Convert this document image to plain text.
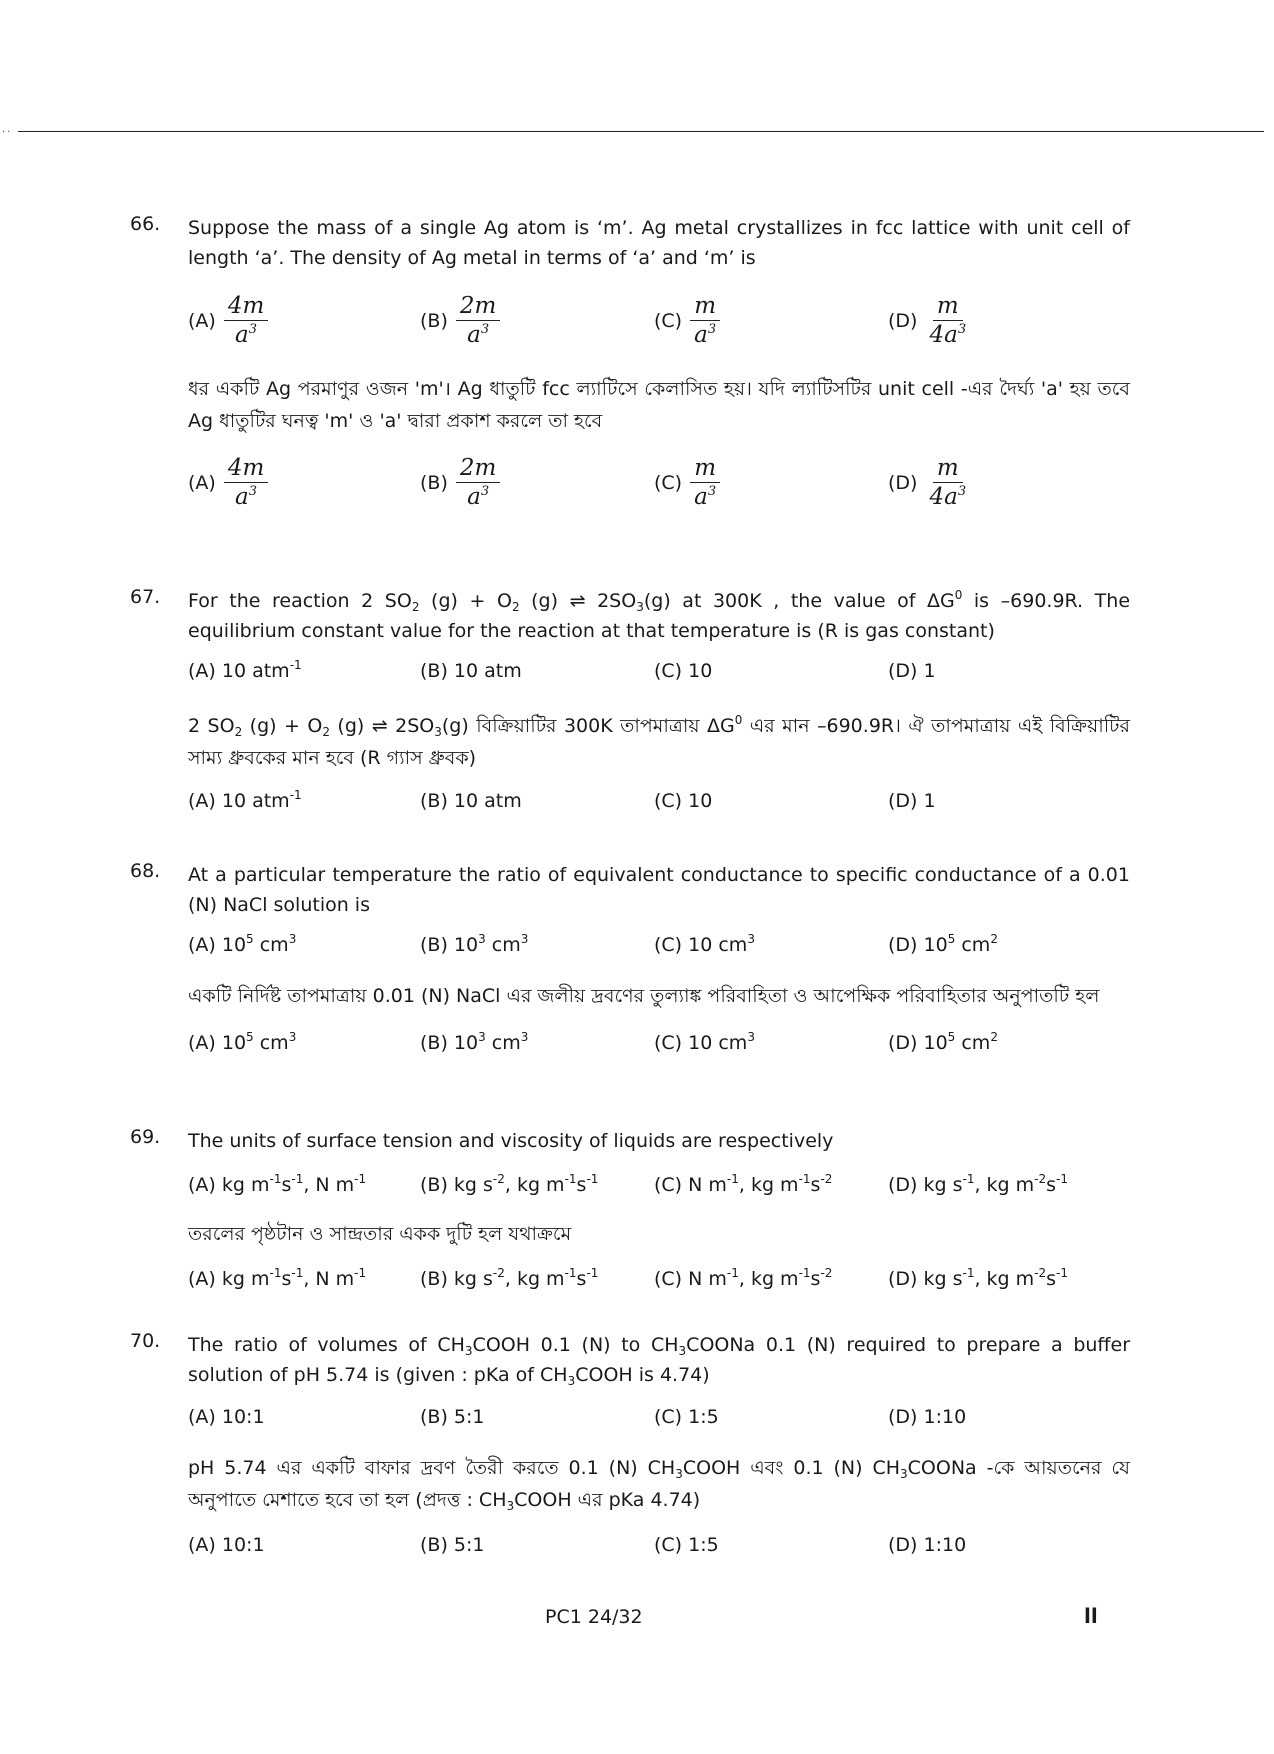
..
66.	Suppose the mass of a single Ag atom is ‘m’. Ag metal crystallizes in fcc lattice with unit cell of length ‘a’. The density of Ag metal in terms of ‘a’ and ‘m’ is
$(A) \frac{4m}{a^3}$	$(B) \frac{2m}{a^3}$	$(C) \frac{m}{a^3}$	$(D) \frac{m}{4a^3}$
ধর একটি Ag পরমাণুর ওজন 'm'। Ag ধাতুটি fcc ল্যাটিসে কেলাসিত হয়। যদি ল্যাটিসটির unit cell -এর দৈর্ঘ্য 'a' হয় তবে Ag ধাতুটির ঘনত্ব 'm' ও 'a' দ্বারা প্রকাশ করলে তা হবে
$(A) \frac{4m}{a^3}$	$(B) \frac{2m}{a^3}$	$(C) \frac{m}{a^3}$	$(D) \frac{m}{4a^3}$
67.	For the reaction 2 $SO_2$ $(g) + O_2$ (g) ⇌ $2SO_3(g)$ at 300K , the value of $\Delta G^0$ is –690.9R. The equilibrium constant value for the reaction at that temperature is (R is gas constant)
(A) 10 atm$^{-1}$	(B) 10 atm	(C) 10	(D) 1
2 $SO_2$ $(g) + O_2$ (g) ⇌ $2SO_3(g)$ বিক্রিয়াটির 300K তাপমাত্রায় $\Delta G^0$ এর মান –690.9R। ঐ তাপমাত্রায় এই বিক্রিয়াটির সাম্য ধ্রুবকের মান হবে (R গ্যাস ধ্রুবক)
(A) 10 atm$^{-1}$	(B) 10 atm	(C) 10	(D) 1
68.	At a particular temperature the ratio of equivalent conductance to specific conductance of a 0.01 (N) NaCl solution is
(A) $10^5$ $cm^3$	(B) $10^3$ $cm^3$	(C) 10 $cm^3$	(D) $10^5$ $cm^2$
একটি নির্দিষ্ট তাপমাত্রায় 0.01 (N) NaCl এর জলীয় দ্রবণের তুল্যাঙ্ক পরিবাহিতা ও আপেক্ষিক পরিবাহিতার অনুপাতটি হল
(A) $10^5$ $cm^3$	(B) $10^3$ $cm^3$	(C) 10 $cm^3$	(D) $10^5$ $cm^2$
69.	The units of surface tension and viscosity of liquids are respectively
(A) kg $m^{-1}s^{-1}$, N $m^{-1}$	(B) kg $s^{-2}$, kg $m^{-1}s^{-1}$	(C) N $m^{-1}$, kg $m^{-1}s^{-2}$	(D) kg $s^{-1}$, kg $m^{-2}s^{-1}$
তরলের পৃষ্ঠটান ও সান্দ্রতার একক দুটি হল যথাক্রমে
(A) kg $m^{-1}s^{-1}$, N $m^{-1}$	(B) kg $s^{-2}$, kg $m^{-1}s^{-1}$	(C) N $m^{-1}$, kg $m^{-1}s^{-2}$	(D) kg $s^{-1}$, kg $m^{-2}s^{-1}$
70.	The ratio of volumes of $CH_3COOH$ 0.1 (N) to $CH_3COONa$ 0.1 (N) required to prepare a buffer solution of pH 5.74 is (given : pKa of $CH_3COOH$ is 4.74)
(A) 10:1	(B) 5:1	(C) 1:5	(D) 1:10
pH 5.74 এর একটি বাফার দ্রবণ তৈরী করতে 0.1 (N) $CH_3COOH$ এবং 0.1 (N) $CH_3COONa$ -কে আয়তনের যে অনুপাতে মেশাতে হবে তা হল (প্রদত্ত : $CH_3COOH$ এর pKa 4.74)
(A) 10:1	(B) 5:1	(C) 1:5	(D) 1:10
PC1 24/32	ll
